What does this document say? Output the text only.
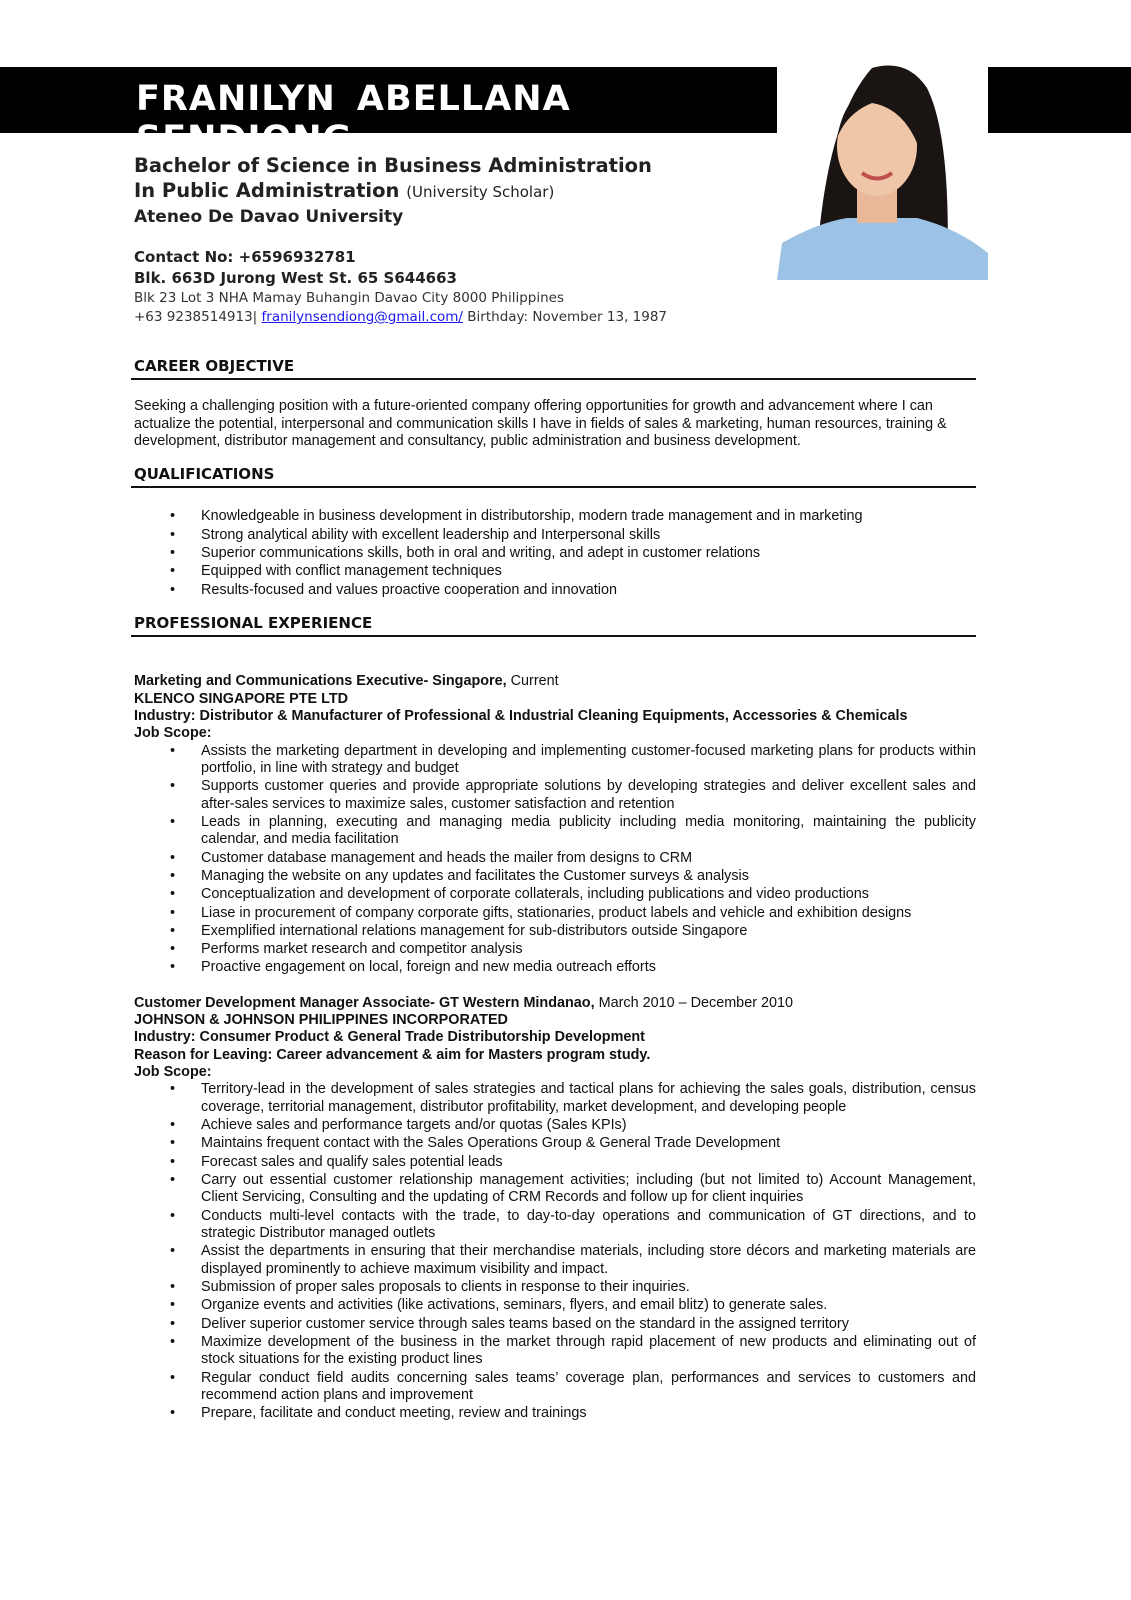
FRANILYN ABELLANA SENDIONG
Bachelor of Science in Business Administration
In Public Administration (University Scholar)
Ateneo De Davao University
Contact No: +6596932781
Blk. 663D Jurong West St. 65 S644663
Blk 23 Lot 3 NHA Mamay Buhangin Davao City 8000 Philippines
+63 9238514913| franilynsendiong@gmail.com/ Birthday: November 13, 1987
CAREER OBJECTIVE

Seeking a challenging position with a future-oriented company offering opportunities for growth and advancement where I can actualize the potential, interpersonal and communication skills I have in fields of sales & marketing, human resources, training & development, distributor management and consultancy, public administration and business development.

QUALIFICATIONS
• Knowledgeable in business development in distributorship, modern trade management and in marketing
• Strong analytical ability with excellent leadership and Interpersonal skills
• Superior communications skills, both in oral and writing, and adept in customer relations
• Equipped with conflict management techniques
• Results-focused and values proactive cooperation and innovation
PROFESSIONAL EXPERIENCE
Marketing and Communications Executive- Singapore, Current
KLENCO SINGAPORE PTE LTD
Industry: Distributor & Manufacturer of Professional & Industrial Cleaning Equipments, Accessories & Chemicals
Job Scope:
• Assists the marketing department in developing and implementing customer-focused marketing plans for products within portfolio, in line with strategy and budget
• Supports customer queries and provide appropriate solutions by developing strategies and deliver excellent sales and after-sales services to maximize sales, customer satisfaction and retention
• Leads in planning, executing and managing media publicity including media monitoring, maintaining the publicity calendar, and media facilitation
• Customer database management and heads the mailer from designs to CRM
• Managing the website on any updates and facilitates the Customer surveys & analysis
• Conceptualization and development of corporate collaterals, including publications and video productions
• Liase in procurement of company corporate gifts, stationaries, product labels and vehicle and exhibition designs
• Exemplified international relations management for sub-distributors outside Singapore
• Performs market research and competitor analysis
• Proactive engagement on local, foreign and new media outreach efforts
Customer Development Manager Associate- GT Western Mindanao, March 2010 – December 2010
JOHNSON & JOHNSON PHILIPPINES INCORPORATED
Industry: Consumer Product & General Trade Distributorship Development
Reason for Leaving: Career advancement & aim for Masters program study.
Job Scope:
• Territory-lead in the development of sales strategies and tactical plans for achieving the sales goals, distribution, census coverage, territorial management, distributor profitability, market development, and developing people
• Achieve sales and performance targets and/or quotas (Sales KPIs)
• Maintains frequent contact with the Sales Operations Group & General Trade Development
• Forecast sales and qualify sales potential leads
• Carry out essential customer relationship management activities; including (but not limited to) Account Management, Client Servicing, Consulting and the updating of CRM Records and follow up for client inquiries
• Conducts multi-level contacts with the trade, to day-to-day operations and communication of GT directions, and to strategic Distributor managed outlets
• Assist the departments in ensuring that their merchandise materials, including store décors and marketing materials are displayed prominently to achieve maximum visibility and impact.
• Submission of proper sales proposals to clients in response to their inquiries.
• Organize events and activities (like activations, seminars, flyers, and email blitz) to generate sales.
• Deliver superior customer service through sales teams based on the standard in the assigned territory
• Maximize development of the business in the market through rapid placement of new products and eliminating out of stock situations for the existing product lines
• Regular conduct field audits concerning sales teams’ coverage plan, performances and services to customers and recommend action plans and improvement
• Prepare, facilitate and conduct meeting, review and trainings
